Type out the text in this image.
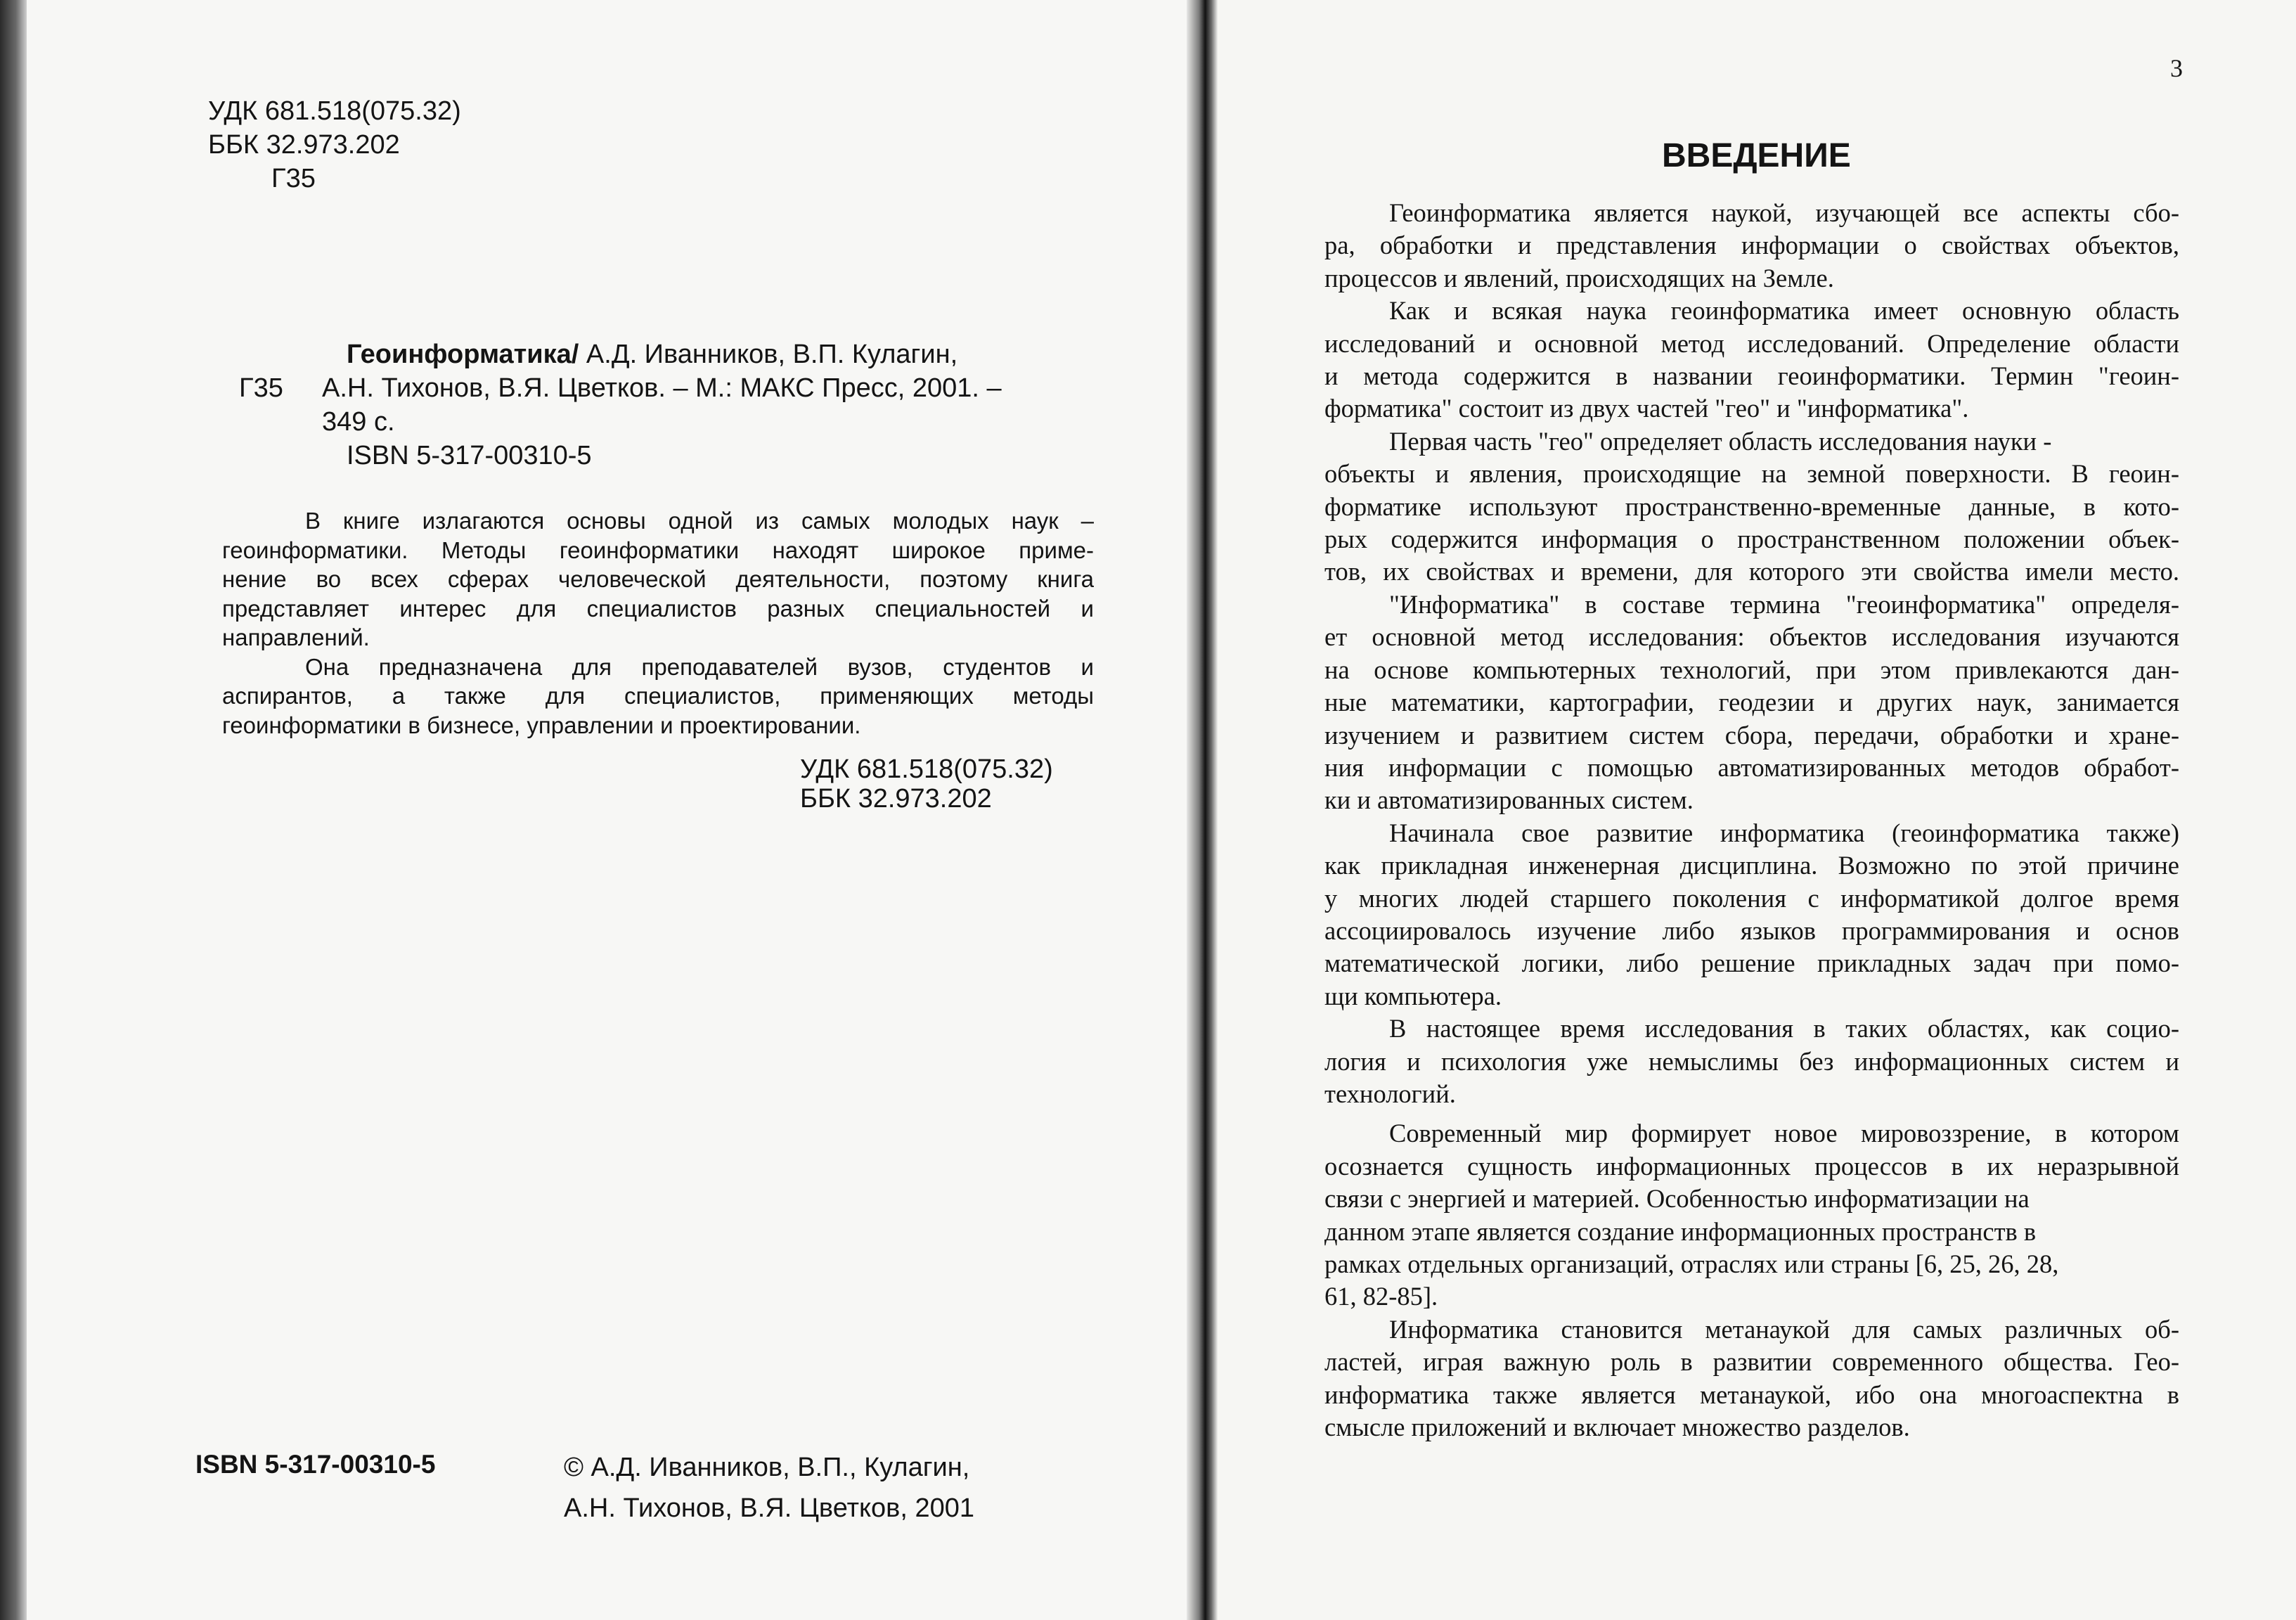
УДК 681.518(075.32)
ББК 32.973.202
Г35
Геоинформатика/ А.Д. Иванников, В.П. Кулагин,
Г35 А.Н. Тихонов, В.Я. Цветков. – М.: МАКС Пресс, 2001. –
349 с.
ISBN 5-317-00310-5
В книге излагаются основы одной из самых молодых наук –
геоинформатики. Методы геоинформатики находят широкое приме-
нение во всех сферах человеческой деятельности, поэтому книга
представляет интерес для специалистов разных специальностей и
направлений.
Она предназначена для преподавателей вузов, студентов и
аспирантов, а также для специалистов, применяющих методы
геоинформатики в бизнесе, управлении и проектировании.
УДК 681.518(075.32)
ББК 32.973.202
ISBN 5-317-00310-5	© А.Д. Иванников, В.П., Кулагин,
А.Н. Тихонов, В.Я. Цветков, 2001
3
ВВЕДЕНИЕ
Геоинформатика является наукой, изучающей все аспекты сбо-
ра, обработки и представления информации о свойствах объектов,
процессов и явлений, происходящих на Земле.
Как и всякая наука геоинформатика имеет основную область
исследований и основной метод исследований. Определение области
и метода содержится в названии геоинформатики. Термин "геоин-
форматика" состоит из двух частей "гео" и "информатика".
Первая часть "гео" определяет область исследования науки -
объекты и явления, происходящие на земной поверхности. В геоин-
форматике используют пространственно-временные данные, в кото-
рых содержится информация о пространственном положении объек-
тов, их свойствах и времени, для которого эти свойства имели место.
"Информатика" в составе термина "геоинформатика" определя-
ет основной метод исследования: объектов исследования изучаются
на основе компьютерных технологий, при этом привлекаются дан-
ные математики, картографии, геодезии и других наук, занимается
изучением и развитием систем сбора, передачи, обработки и хране-
ния информации с помощью автоматизированных методов обработ-
ки и автоматизированных систем.
Начинала свое развитие информатика (геоинформатика также)
как прикладная инженерная дисциплина. Возможно по этой причине
у многих людей старшего поколения с информатикой долгое время
ассоциировалось изучение либо языков программирования и основ
математической логики, либо решение прикладных задач при помо-
щи компьютера.
В настоящее время исследования в таких областях, как социо-
логия и психология уже немыслимы без информационных систем и
технологий.
Современный мир формирует новое мировоззрение, в котором
осознается сущность информационных процессов в их неразрывной
связи с энергией и материей. Особенностью информатизации на
данном этапе является создание информационных пространств в
рамках отдельных организаций, отраслях или страны [6, 25, 26, 28,
61, 82-85].
Информатика становится метанаукой для самых различных об-
ластей, играя важную роль в развитии современного общества. Гео-
информатика также является метанаукой, ибо она многоаспектна в
смысле приложений и включает множество разделов.
